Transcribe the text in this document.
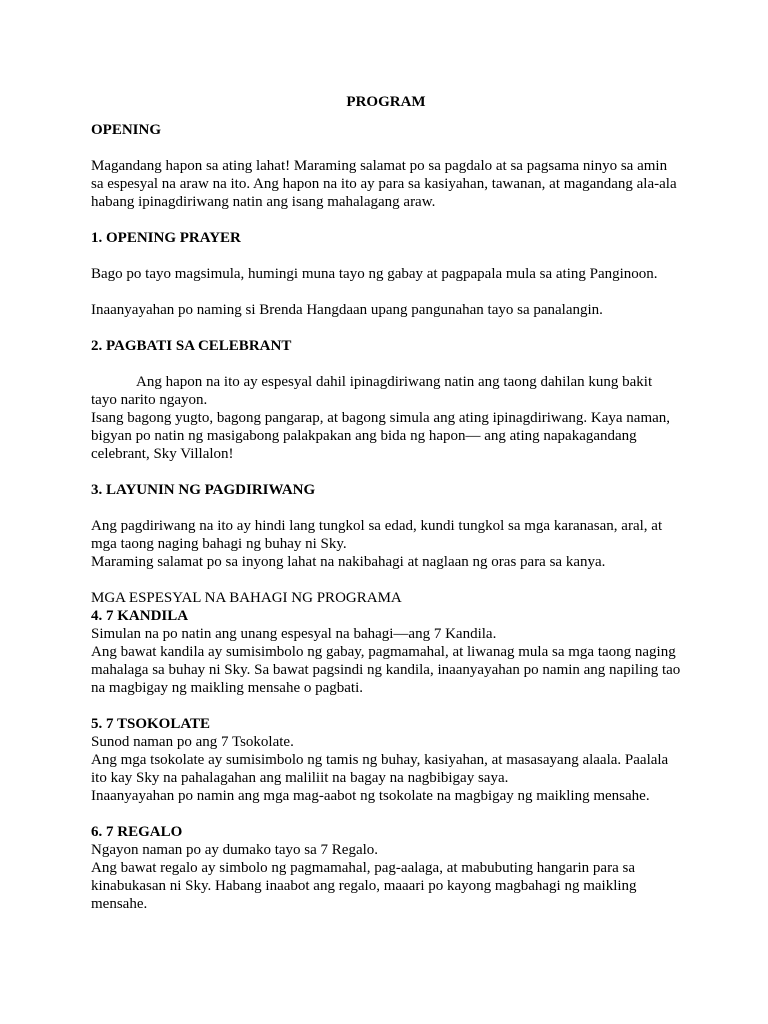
PROGRAM
OPENING

Magandang hapon sa ating lahat! Maraming salamat po sa pagdalo at sa pagsama ninyo sa amin sa espesyal na araw na ito. Ang hapon na ito ay para sa kasiyahan, tawanan, at magandang ala-ala habang ipinagdiriwang natin ang isang mahalagang araw.

1. OPENING PRAYER

Bago po tayo magsimula, humingi muna tayo ng gabay at pagpapala mula sa ating Panginoon.

Inaanyayahan po naming si Brenda Hangdaan upang pangunahan tayo sa panalangin.

2. PAGBATI SA CELEBRANT

Ang hapon na ito ay espesyal dahil ipinagdiriwang natin ang taong dahilan kung bakit tayo narito ngayon.

Isang bagong yugto, bagong pangarap, at bagong simula ang ating ipinagdiriwang. Kaya naman, bigyan po natin ng masigabong palakpakan ang bida ng hapon— ang ating napakagandang celebrant, Sky Villalon!

3. LAYUNIN NG PAGDIRIWANG

Ang pagdiriwang na ito ay hindi lang tungkol sa edad, kundi tungkol sa mga karanasan, aral, at mga taong naging bahagi ng buhay ni Sky.

Maraming salamat po sa inyong lahat na nakibahagi at naglaan ng oras para sa kanya.

MGA ESPESYAL NA BAHAGI NG PROGRAMA

4. 7 KANDILA

Simulan na po natin ang unang espesyal na bahagi—ang 7 Kandila.

Ang bawat kandila ay sumisimbolo ng gabay, pagmamahal, at liwanag mula sa mga taong naging mahalaga sa buhay ni Sky. Sa bawat pagsindi ng kandila, inaanyayahan po namin ang napiling tao na magbigay ng maikling mensahe o pagbati.

5. 7 TSOKOLATE

Sunod naman po ang 7 Tsokolate.

Ang mga tsokolate ay sumisimbolo ng tamis ng buhay, kasiyahan, at masasayang alaala. Paalala ito kay Sky na pahalagahan ang maliliit na bagay na nagbibigay saya.

Inaanyayahan po namin ang mga mag-aabot ng tsokolate na magbigay ng maikling mensahe.

6. 7 REGALO

Ngayon naman po ay dumako tayo sa 7 Regalo.

Ang bawat regalo ay simbolo ng pagmamahal, pag-aalaga, at mabubuting hangarin para sa kinabukasan ni Sky. Habang inaabot ang regalo, maaari po kayong magbahagi ng maikling mensahe.
